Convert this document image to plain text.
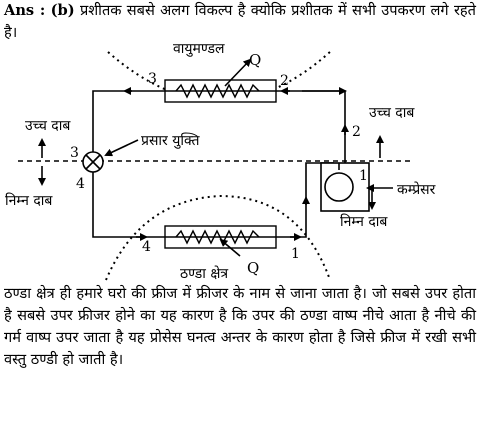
Ans : (b) प्रशीतक सबसे अलग विकल्प है क्योकि प्रशीतक में सभी उपकरण लगे रहते है।

वायुमण्डल
ठण्डा क्षेत्र
Q
Q
3	2
3
4
4	1
2
1
उच्च दाब
निम्न दाब
उच्च दाब
निम्न दाब
प्रसार युक्ति
कम्प्रेसर

ठण्डा क्षेत्र ही हमारे घरो की फ्रीज में फ्रीजर के नाम से जाना जाता है। जो सबसे उपर होता है सबसे उपर फ्रीजर होने का यह कारण है कि उपर की ठण्डा वाष्प नीचे आता है नीचे की गर्म वाष्प उपर जाता है यह प्रोसेस घनत्व अन्तर के कारण होता है जिसे फ्रीज में रखी सभी वस्तु ठण्डी हो जाती है।
